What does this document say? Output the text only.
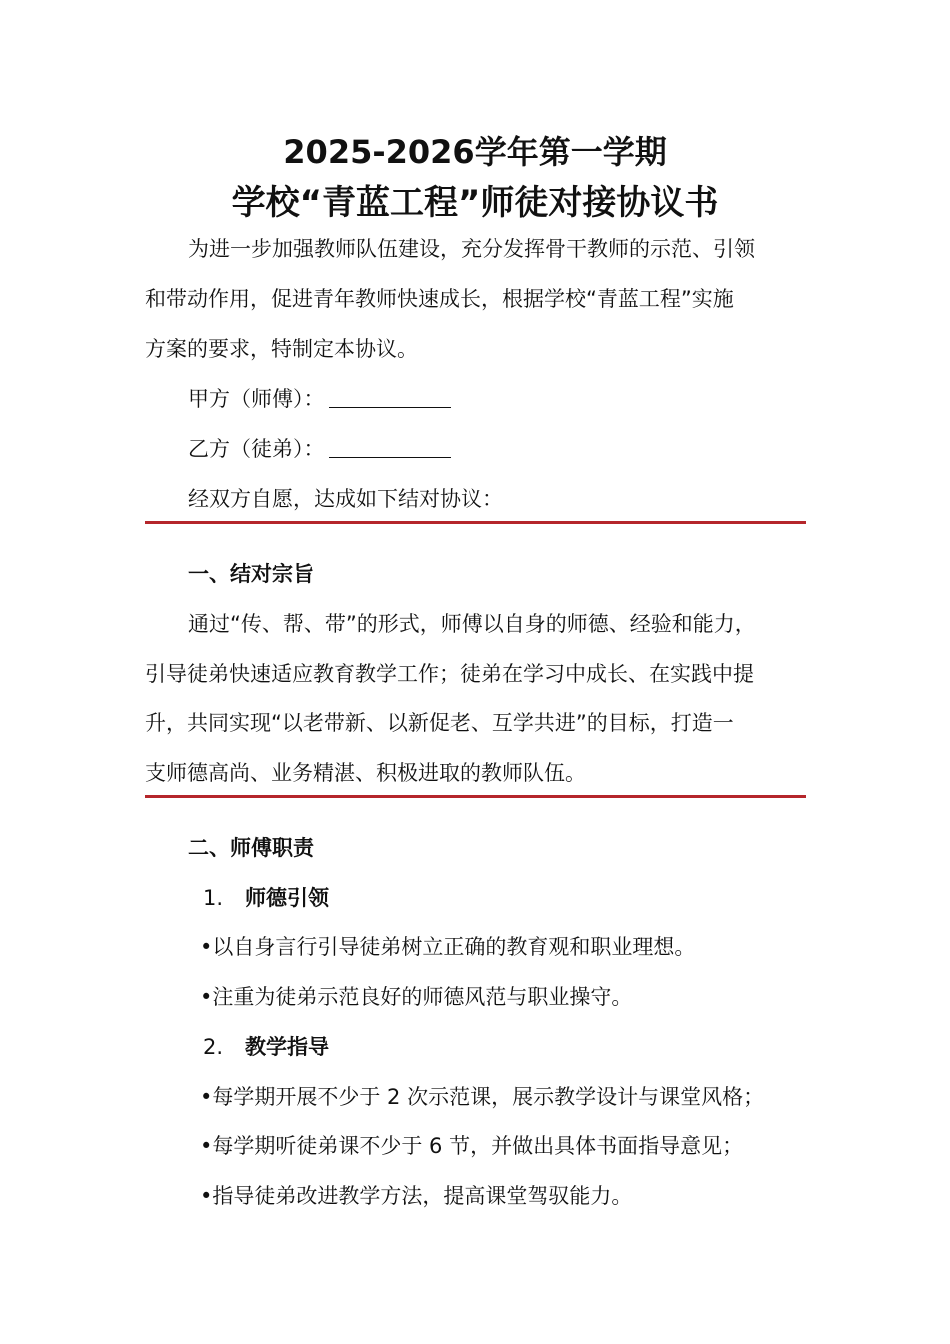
2025-2026学年第一学期
学校“青蓝工程”师徒对接协议书
为进一步加强教师队伍建设，充分发挥骨干教师的示范、引领
和带动作用，促进青年教师快速成长，根据学校“青蓝工程”实施
方案的要求，特制定本协议。
甲方（师傅）：
乙方（徒弟）：
经双方自愿，达成如下结对协议：
一、结对宗旨
通过“传、帮、带”的形式，师傅以自身的师德、经验和能力，
引导徒弟快速适应教育教学工作；徒弟在学习中成长、在实践中提
升，共同实现“以老带新、以新促老、互学共进”的目标，打造一
支师德高尚、业务精湛、积极进取的教师队伍。
二、师傅职责
1. 师德引领
•以自身言行引导徒弟树立正确的教育观和职业理想。
•注重为徒弟示范良好的师德风范与职业操守。
2. 教学指导
•每学期开展不少于 2 次示范课，展示教学设计与课堂风格；
•每学期听徒弟课不少于 6 节，并做出具体书面指导意见；
•指导徒弟改进教学方法，提高课堂驾驭能力。
